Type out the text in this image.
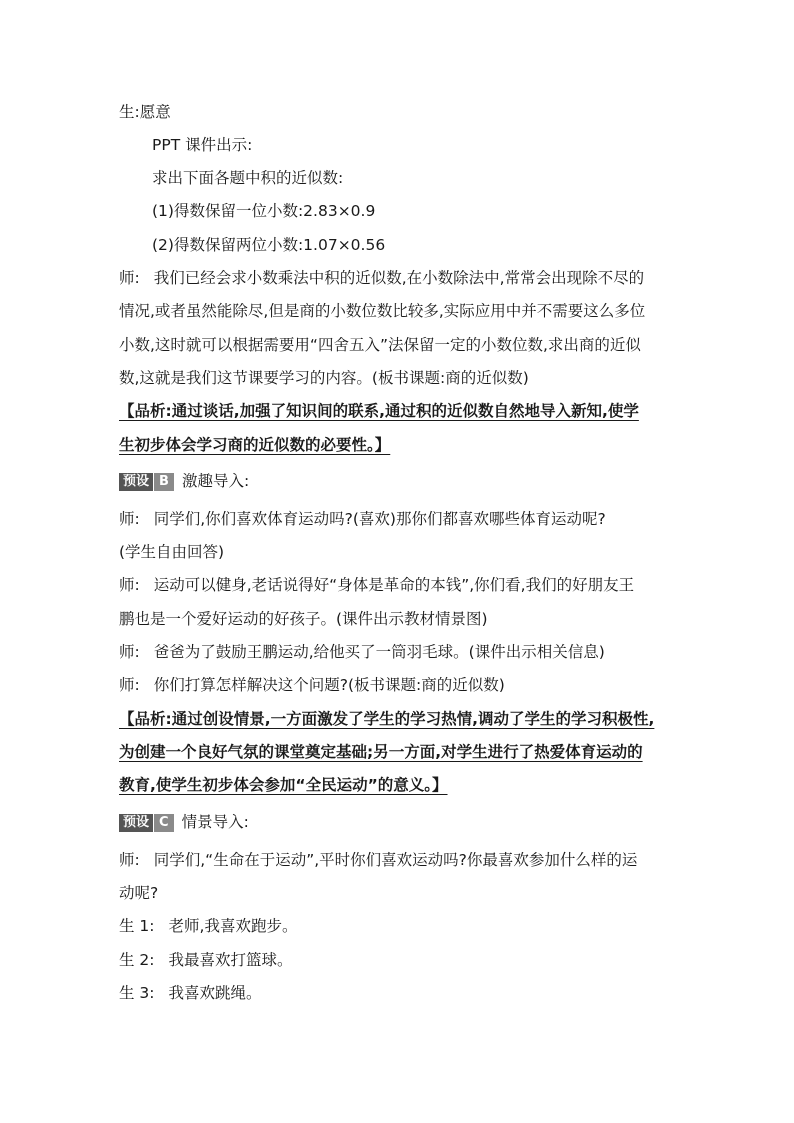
生:愿意
PPT 课件出示:
求出下面各题中积的近似数:
(1)得数保留一位小数:2.83×0.9
(2)得数保留两位小数:1.07×0.56
师: 我们已经会求小数乘法中积的近似数,在小数除法中,常常会出现除不尽的
情况,或者虽然能除尽,但是商的小数位数比较多,实际应用中并不需要这么多位
小数,这时就可以根据需要用“四舍五入”法保留一定的小数位数,求出商的近似
数,这就是我们这节课要学习的内容。(板书课题:商的近似数)
【品析:通过谈话,加强了知识间的联系,通过积的近似数自然地导入新知,使学
生初步体会学习商的近似数的必要性。】
预设 B 激趣导入:
师: 同学们,你们喜欢体育运动吗?(喜欢)那你们都喜欢哪些体育运动呢?
(学生自由回答)
师: 运动可以健身,老话说得好“身体是革命的本钱”,你们看,我们的好朋友王
鹏也是一个爱好运动的好孩子。(课件出示教材情景图)
师: 爸爸为了鼓励王鹏运动,给他买了一筒羽毛球。(课件出示相关信息)
师: 你们打算怎样解决这个问题?(板书课题:商的近似数)
【品析:通过创设情景,一方面激发了学生的学习热情,调动了学生的学习积极性,
为创建一个良好气氛的课堂奠定基础;另一方面,对学生进行了热爱体育运动的
教育,使学生初步体会参加“全民运动”的意义。】
预设 C 情景导入:
师: 同学们,“生命在于运动”,平时你们喜欢运动吗?你最喜欢参加什么样的运
动呢?
生 1: 老师,我喜欢跑步。
生 2: 我最喜欢打篮球。
生 3: 我喜欢跳绳。
